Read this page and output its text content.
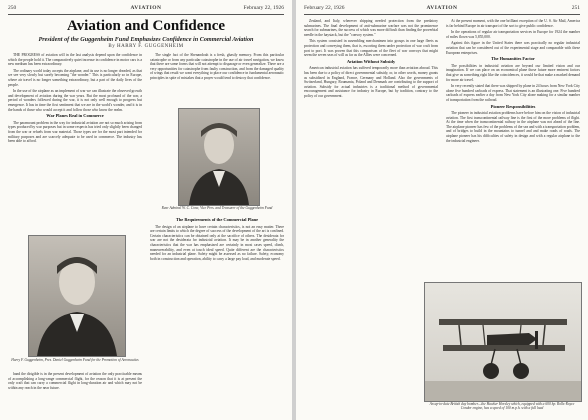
250	AVIATION	February 22, 1926
Aviation and Confidence
President of the Guggenheim Fund Emphasizes Confidence in Commercial Aviation
By HARRY F. GUGGENHEIM

THE PROGRESS of aviation will in the last analysis depend upon the confidence in which the people hold it. The comparatively quiet increase in confidence in motor cars is a new medium has been extraordinary.

The ordinary world today accepts the airplane, and its use is no longer dreaded, as that we see very slowly but surely becoming "the wonder." This is particularly so in Europe, where air travel is no longer something extraordinary, but a part of the daily lives of the people.

In the use of the airplane as an implement of war we can illustrate the observed growth and development of aviation during the war years. But the most profound of the war, a period of wonders followed during the war, it is not only well enough to progress but emergence. It has in time the first sentiment that we are in the world's wonder, and it is in the hands of those who would accept it and follow those who know the realm.

War Planes Real in Commerce

The paramount problem in the way for industrial aviation are not so much arising from types produced by war purposes but in some respects has tried only slightly been changed from the war or refuels from war material. Those types are for the most part intended for military purposes and are scarcely adequate to be used in commerce. The industry has been able to afford.

The single fact of the Shenandoah is a fresh, ghastly memory. From this particular catastrophe or from any particular catastrophe in the use of air travel navigation, we know that there are some forms that will not attempt to disparage or even generalize. There are a very opportunities for catastrophe from faulty construction, and from the damaged quality of wings that result we want everything to place our confidence in fundamental aeronautic principles in spite of mistakes that a prayer would tend to destroy that confidence.

Rear Admiral W. C. Cone, Vice Pres. and Treasurer of the Guggenheim Fund
The Requirements of the Commercial Plane

The design of an airplane to have certain characteristics, is not an easy matter. There are certain limits to which the degree of success of the development of the art is confined. Certain characteristics can be obtained only at the sacrifice of others. The desiderata for war are not the desiderata for industrial aviation. It may be in another generality the characteristics that the war has emphasized are certainly in most cases speed, climb, maneuverability, and even at touch ideal speed. Quite different are the characteristics needed for an industrial plane. Safety might be assessed as no failure. Safety, economy both in construction and operation, ability to carry a large pay load, and moderate speed.

Harry F. Guggenheim, Pres. Daniel Guggenheim Fund for the Promotion of Aeronautics

hand the dirigible is in the present development of aviation the only practicable means of accomplishing a long-range commercial flight, for the reason that it is at present the only craft that can carry a commercial flight in long-duration air and which may not be within any reach in the near future.

February 22, 1926	AVIATION	251

Zealand, and Italy, wherever shipping needed protection from the predatory submarines. The final development of anti-submarine warfare was not the prominence search for submarines, the success of which was more difficult than finding the proverbial needle in the haystack, but the "convoy system."

This system consisted in assembling merchantmen into groups in one large fleets as protection and conveying them, that is, escorting them under protection of war craft from port to port. It was proven that this comparison of the fleet of war convoys that might seem the seven seas of will as far as the Allies were concerned.

Aviation Without Subsidy

American industrial aviation has suffered temporarily more than aviation abroad. This has been due to a policy of direct governmental subsidy, or, in other words, money grants as subsidized in England, France, Germany and Holland. Also the governments of Switzerland, Hungary, Roumania, Poland and Denmark are contributing to the support of aviation. Subsidy for actual industries is a traditional method of governmental encouragement and assistance for industry in Europe, but by tradition, contrary to the policy of our government.

At the present moment, with the one brilliant exception of the U. S. Air Mail, America is far behind Europe in air transport of the sort to give public confidence.

In the operations of regular air transportation services in Europe for 1924 the number of miles flown was 5,855,000.

Against this figure in the United States there was practically no regular industrial aviation that can be considered out of the experimental stage and comparable with these European enterprises.

The Humanities Factor

The possibilities in industrial aviation are beyond our limited vision and our imagination. If we can place on an economical plane those future more eminent factors that give us something right like the coincidences, it would be that make a marked demand for more air travel.

In very recently stated that there was shipped by plane in 24 hours from New York City alone five hundred carloads of express. That statement is an illustrating one. Five hundred carloads of express earlier a day from New York City alone making for a similar number of transportation from the railroad.

Pioneer Responsibilities

The pioneer in industrial aviation problems have before him on the vision of industrial aviation. The first transcontinental railway line is the first of the more problems of flight. At the time when the transcontinental railway in the airplane was not ahead of the line. The airplane pioneer has few of the problems of the sea and with a transportation problem, and of bridges to build in the mountains to tunnel and and make roads of roads. The airplane pioneer has his difficulties of safety in design and with a regular airplane to the the industrial engineer.

An up-to-date British day bomber—the Hawker Horsley which, equipped with a 600 hp. Rolls-Royce Condor engine, has a speed of 100 m.p.h. with a full load
